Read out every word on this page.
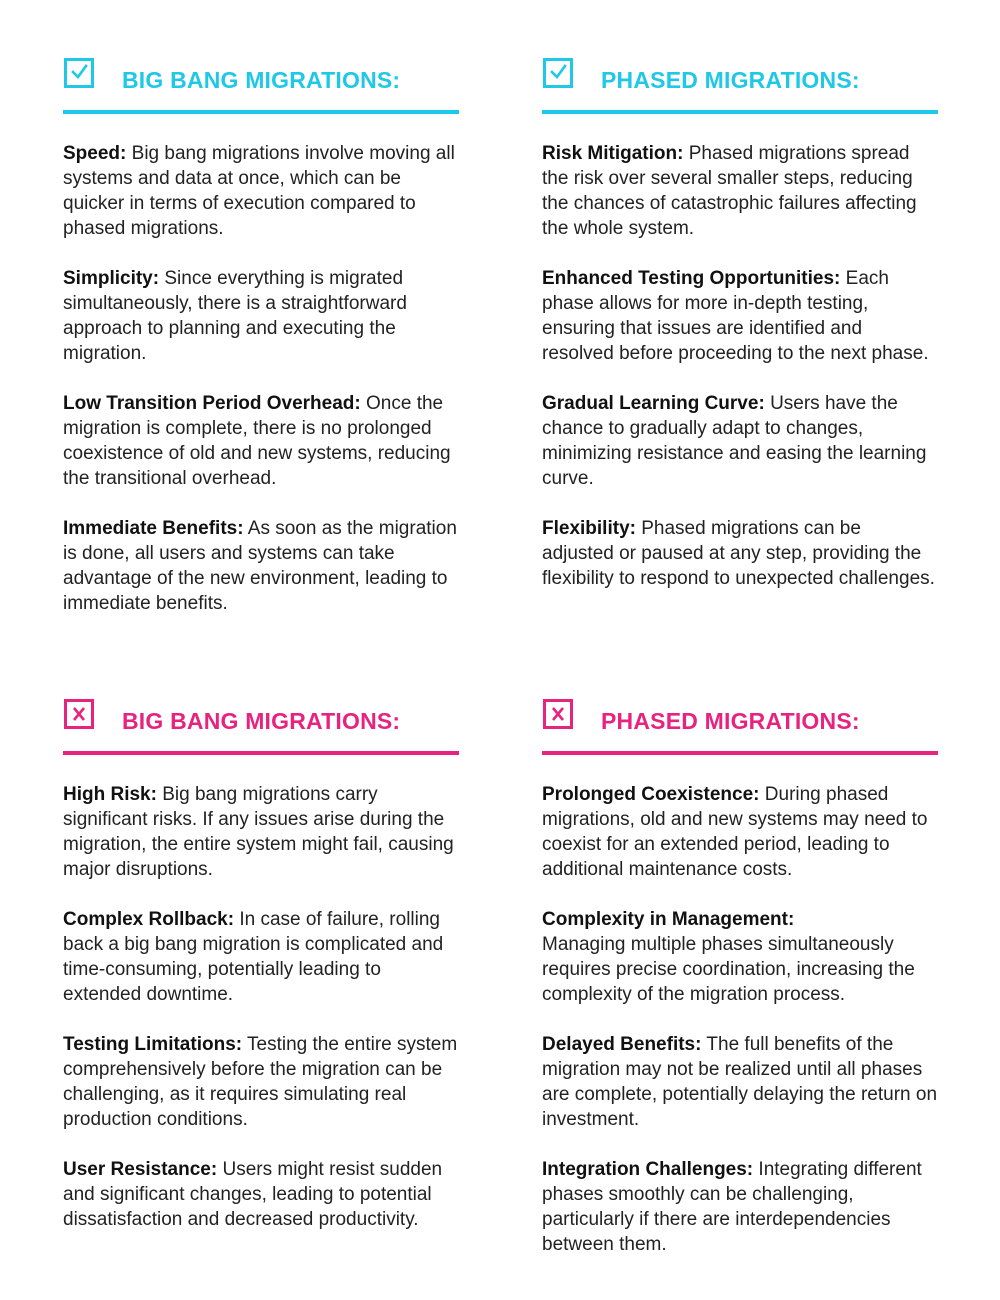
BIG BANG MIGRATIONS:

Speed: Big bang migrations involve moving all systems and data at once, which can be quicker in terms of execution compared to phased migrations.

Simplicity: Since everything is migrated simultaneously, there is a straightforward approach to planning and executing the migration.

Low Transition Period Overhead: Once the migration is complete, there is no prolonged coexistence of old and new systems, reducing the transitional overhead.

Immediate Benefits: As soon as the migration is done, all users and systems can take advantage of the new environment, leading to immediate benefits.

PHASED MIGRATIONS:

Risk Mitigation: Phased migrations spread the risk over several smaller steps, reducing the chances of catastrophic failures affecting the whole system.

Enhanced Testing Opportunities: Each phase allows for more in-depth testing, ensuring that issues are identified and resolved before proceeding to the next phase.

Gradual Learning Curve: Users have the chance to gradually adapt to changes, minimizing resistance and easing the learning curve.

Flexibility: Phased migrations can be adjusted or paused at any step, providing the flexibility to respond to unexpected challenges.

BIG BANG MIGRATIONS:

High Risk: Big bang migrations carry significant risks. If any issues arise during the migration, the entire system might fail, causing major disruptions.

Complex Rollback: In case of failure, rolling back a big bang migration is complicated and time-consuming, potentially leading to extended downtime.

Testing Limitations: Testing the entire system comprehensively before the migration can be challenging, as it requires simulating real production conditions.

User Resistance: Users might resist sudden and significant changes, leading to potential dissatisfaction and decreased productivity.

PHASED MIGRATIONS:

Prolonged Coexistence: During phased migrations, old and new systems may need to coexist for an extended period, leading to additional maintenance costs.

Complexity in Management:
Managing multiple phases simultaneously requires precise coordination, increasing the complexity of the migration process.

Delayed Benefits: The full benefits of the migration may not be realized until all phases are complete, potentially delaying the return on investment.

Integration Challenges: Integrating different phases smoothly can be challenging, particularly if there are interdependencies between them.
